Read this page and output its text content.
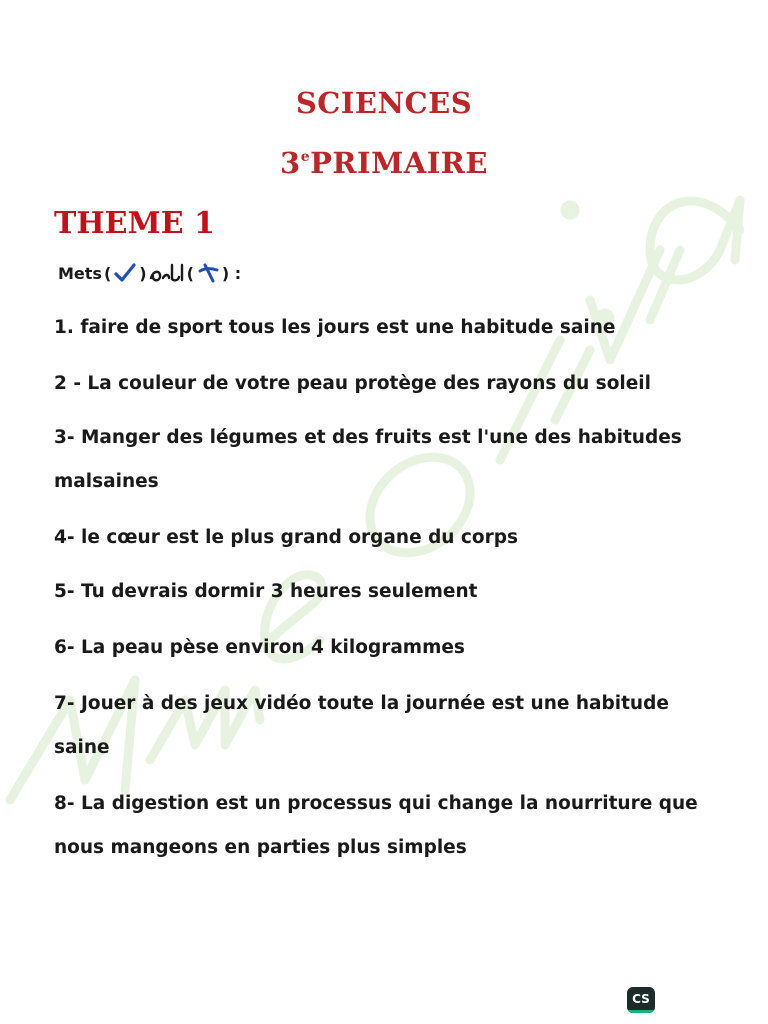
SCIENCES
3ePRIMAIRE
THEME 1
Mets ( )	( ) :
1. faire de sport tous les jours est une habitude saine
2 - La couleur de votre peau protège des rayons du soleil
3- Manger des légumes et des fruits est l'une des habitudes
malsaines
4- le cœur est le plus grand organe du corps
5- Tu devrais dormir 3 heures seulement
6- La peau pèse environ 4 kilogrammes
7- Jouer à des jeux vidéo toute la journée est une habitude
saine
8- La digestion est un processus qui change la nourriture que
nous mangeons en parties plus simples
CS
